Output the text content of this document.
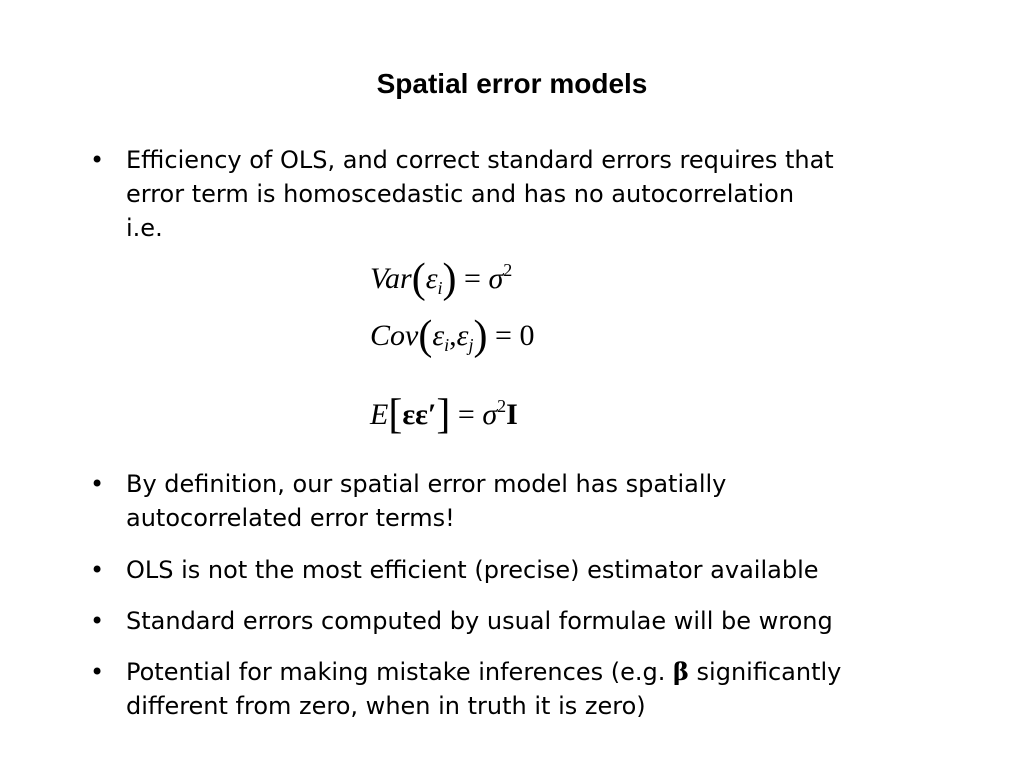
Spatial error models
• Efficiency of OLS, and correct standard errors requires that
error term is homoscedastic and has no autocorrelation
i.e.
$Var(\varepsilon_i) = \sigma^2$
$Cov(\varepsilon_i,\varepsilon_j) = 0$
$E[\varepsilon\varepsilon'] = \sigma^2I$
• By definition, our spatial error model has spatially
autocorrelated error terms!
• OLS is not the most efficient (precise) estimator available
• Standard errors computed by usual formulae will be wrong
• Potential for making mistake inferences (e.g. β significantly
different from zero, when in truth it is zero)
